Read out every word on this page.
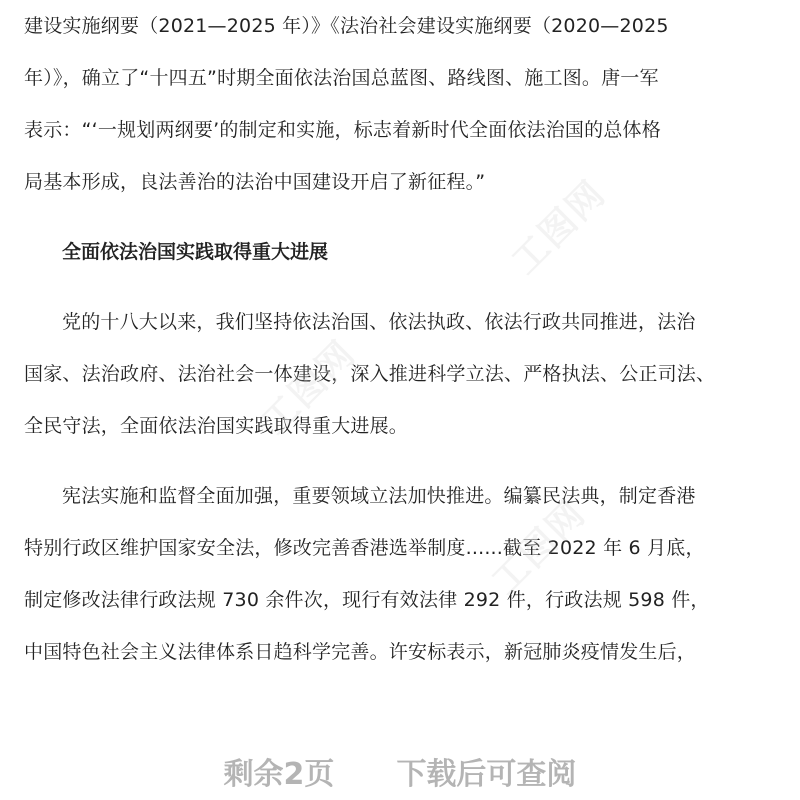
建设实施纲要（2021—2025 年）》《法治社会建设实施纲要（2020—2025
年）》，确立了“十四五”时期全面依法治国总蓝图、路线图、施工图。唐一军
表示：“‘一规划两纲要’的制定和实施，标志着新时代全面依法治国的总体格
局基本形成，良法善治的法治中国建设开启了新征程。”
全面依法治国实践取得重大进展
党的十八大以来，我们坚持依法治国、依法执政、依法行政共同推进，法治
国家、法治政府、法治社会一体建设，深入推进科学立法、严格执法、公正司法、
全民守法，全面依法治国实践取得重大进展。
宪法实施和监督全面加强，重要领域立法加快推进。编纂民法典，制定香港
特别行政区维护国家安全法，修改完善香港选举制度......截至 2022 年 6 月底，
制定修改法律行政法规 730 余件次，现行有效法律 292 件，行政法规 598 件，
中国特色社会主义法律体系日趋科学完善。许安标表示，新冠肺炎疫情发生后，
工图网
工图网
工图网
剩余2页 下载后可查阅
